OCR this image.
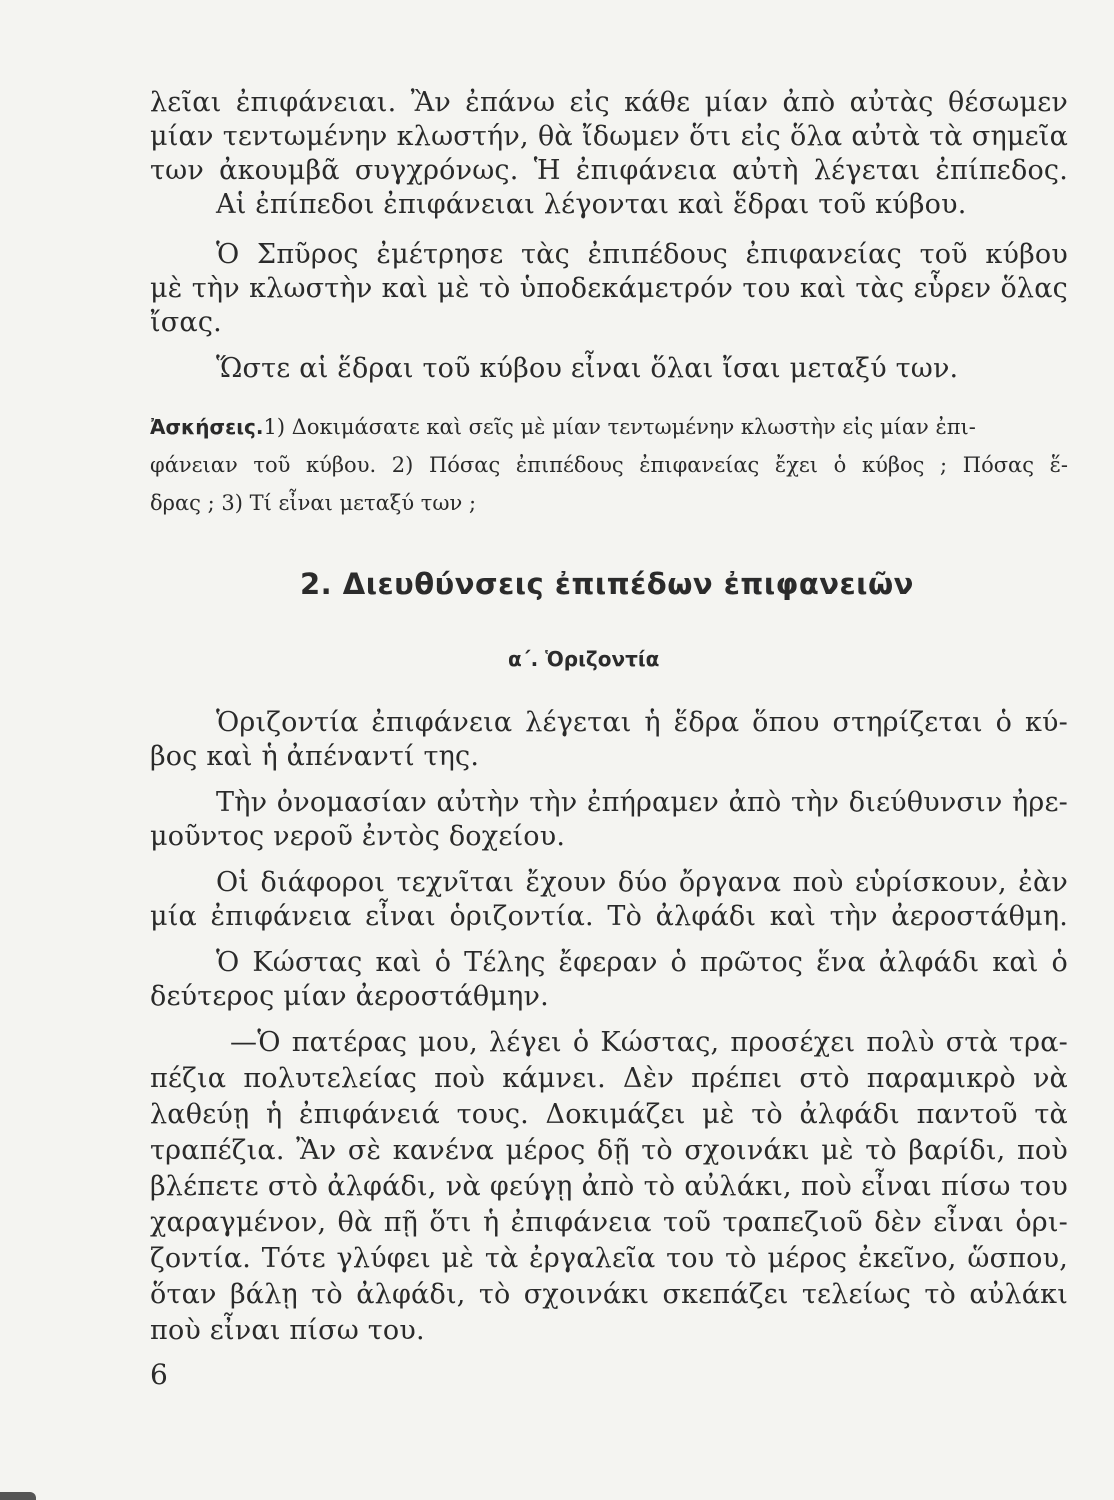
λεῖαι ἐπιφάνειαι. Ἂν ἐπάνω εἰς κάθε μίαν ἀπὸ αὐτὰς θέσωμεν
μίαν τεντωμένην κλωστήν, θὰ ἴδωμεν ὅτι εἰς ὅλα αὐτὰ τὰ σημεῖα
των ἀκουμβᾶ συγχρόνως. Ἡ ἐπιφάνεια αὐτὴ λέγεται ἐπίπεδος.
Αἱ ἐπίπεδοι ἐπιφάνειαι λέγονται καὶ ἕδραι τοῦ κύβου.
Ὁ Σπῦρος ἐμέτρησε τὰς ἐπιπέδους ἐπιφανείας τοῦ κύβου
μὲ τὴν κλωστὴν καὶ μὲ τὸ ὑποδεκάμετρόν του καὶ τὰς εὗρεν ὅλας
ἴσας.
Ὥστε αἱ ἕδραι τοῦ κύβου εἶναι ὅλαι ἴσαι μεταξύ των.
Ἀσκήσεις.1) Δοκιμάσατε καὶ σεῖς μὲ μίαν τεντωμένην κλωστὴν εἰς μίαν ἐπι-
φάνειαν τοῦ κύβου. 2) Πόσας ἐπιπέδους ἐπιφανείας ἔχει ὁ κύβος ; Πόσας ἕ-
δρας ; 3) Τί εἶναι μεταξύ των ;
2. Διευθύνσεις ἐπιπέδων ἐπιφανειῶν
α΄. Ὁριζοντία
Ὁριζοντία ἐπιφάνεια λέγεται ἡ ἕδρα ὅπου στηρίζεται ὁ κύ-
βος καὶ ἡ ἀπέναντί της.
Τὴν ὀνομασίαν αὐτὴν τὴν ἐπήραμεν ἀπὸ τὴν διεύθυνσιν ἠρε-
μοῦντος νεροῦ ἐντὸς δοχείου.
Οἱ διάφοροι τεχνῖται ἔχουν δύο ὄργανα ποὺ εὑρίσκουν, ἐὰν
μία ἐπιφάνεια εἶναι ὁριζοντία. Τὸ ἀλφάδι καὶ τὴν ἀεροστάθμη.
Ὁ Κώστας καὶ ὁ Τέλης ἔφεραν ὁ πρῶτος ἕνα ἀλφάδι καὶ ὁ
δεύτερος μίαν ἀεροστάθμην.
—Ὁ πατέρας μου, λέγει ὁ Κώστας, προσέχει πολὺ στὰ τρα-
πέζια πολυτελείας ποὺ κάμνει. Δὲν πρέπει στὸ παραμικρὸ νὰ
λαθεύῃ ἡ ἐπιφάνειά τους. Δοκιμάζει μὲ τὸ ἀλφάδι παντοῦ τὰ
τραπέζια. Ἂν σὲ κανένα μέρος δῇ τὸ σχοινάκι μὲ τὸ βαρίδι, ποὺ
βλέπετε στὸ ἀλφάδι, νὰ φεύγῃ ἀπὸ τὸ αὐλάκι, ποὺ εἶναι πίσω του
χαραγμένον, θὰ πῇ ὅτι ἡ ἐπιφάνεια τοῦ τραπεζιοῦ δὲν εἶναι ὁρι-
ζοντία. Τότε γλύφει μὲ τὰ ἐργαλεῖα του τὸ μέρος ἐκεῖνο, ὥσπου,
ὅταν βάλῃ τὸ ἀλφάδι, τὸ σχοινάκι σκεπάζει τελείως τὸ αὐλάκι
ποὺ εἶναι πίσω του.
6
